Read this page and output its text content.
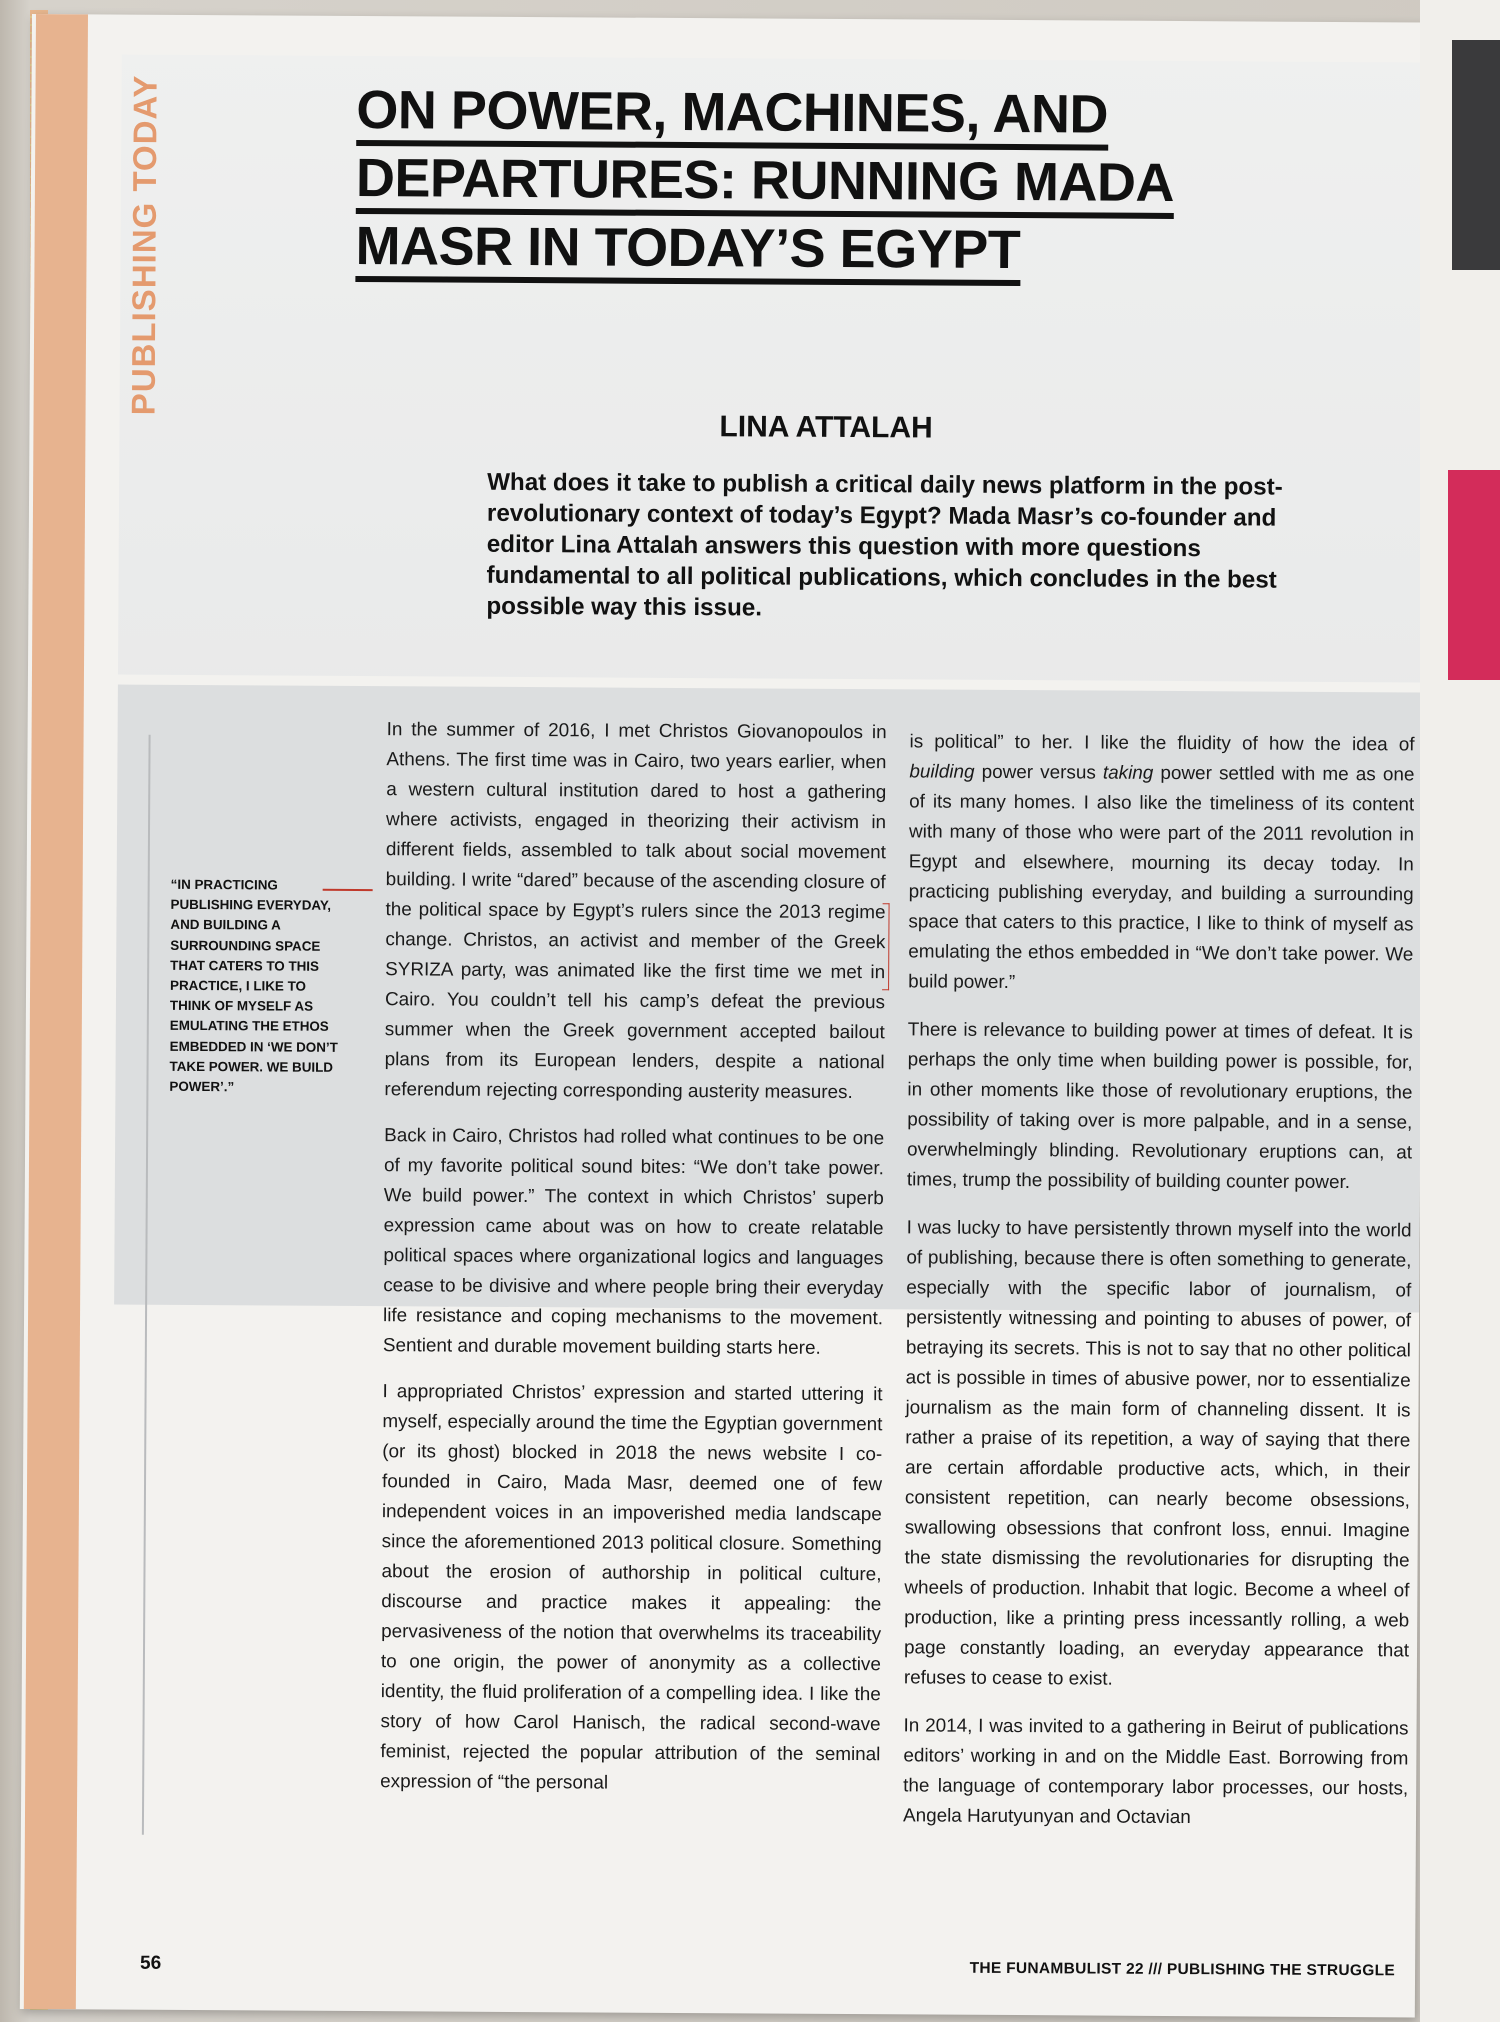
PUBLISHING TODAY	ON POWER, MACHINES, AND
DEPARTURES: RUNNING MADA
MASR IN TODAY’S EGYPT
LINA ATTALAH
What does it take to publish a critical daily news platform in the post-revolutionary context of today’s Egypt? Mada Masr’s co-founder and editor Lina Attalah answers this question with more questions fundamental to all political publications, which concludes in the best possible way this issue.
“IN PRACTICING PUBLISHING EVERYDAY, AND BUILDING A SURROUNDING SPACE THAT CATERS TO THIS PRACTICE, I LIKE TO THINK OF MYSELF AS EMULATING THE ETHOS EMBEDDED IN ‘WE DON’T TAKE POWER. WE BUILD POWER’.”

In the summer of 2016, I met Christos Giovanopoulos in Athens. The first time was in Cairo, two years earlier, when a western cultural institution dared to host a gathering where activists, engaged in theorizing their activism in different fields, assembled to talk about social movement building. I write “dared” because of the ascending closure of the political space by Egypt’s rulers since the 2013 regime change. Christos, an activist and member of the Greek SYRIZA party, was animated like the first time we met in Cairo. You couldn’t tell his camp’s defeat the previous summer when the Greek government accepted bailout plans from its European lenders, despite a national referendum rejecting corresponding austerity measures.

Back in Cairo, Christos had rolled what continues to be one of my favorite political sound bites: “We don’t take power. We build power.” The context in which Christos’ superb expression came about was on how to create relatable political spaces where organizational logics and languages cease to be divisive and where people bring their everyday life resistance and coping mechanisms to the movement. Sentient and durable movement building starts here.

I appropriated Christos’ expression and started uttering it myself, especially around the time the Egyptian government (or its ghost) blocked in 2018 the news website I co-founded in Cairo, Mada Masr, deemed one of few independent voices in an impoverished media landscape since the aforementioned 2013 political closure. Something about the erosion of authorship in political culture, discourse and practice makes it appealing: the pervasiveness of the notion that overwhelms its traceability to one origin, the power of anonymity as a collective identity, the fluid proliferation of a compelling idea. I like the story of how Carol Hanisch, the radical second-wave feminist, rejected the popular attribution of the seminal expression of “the personal

is political” to her. I like the fluidity of how the idea of building power versus taking power settled with me as one of its many homes. I also like the timeliness of its content with many of those who were part of the 2011 revolution in Egypt and elsewhere, mourning its decay today. In practicing publishing everyday, and building a surrounding space that caters to this practice, I like to think of myself as emulating the ethos embedded in “We don’t take power. We build power.”

There is relevance to building power at times of defeat. It is perhaps the only time when building power is possible, for, in other moments like those of revolutionary eruptions, the possibility of taking over is more palpable, and in a sense, overwhelmingly blinding. Revolutionary eruptions can, at times, trump the possibility of building counter power.

I was lucky to have persistently thrown myself into the world of publishing, because there is often something to generate, especially with the specific labor of journalism, of persistently witnessing and pointing to abuses of power, of betraying its secrets. This is not to say that no other political act is possible in times of abusive power, nor to essentialize journalism as the main form of channeling dissent. It is rather a praise of its repetition, a way of saying that there are certain affordable productive acts, which, in their consistent repetition, can nearly become obsessions, swallowing obsessions that confront loss, ennui. Imagine the state dismissing the revolutionaries for disrupting the wheels of production. Inhabit that logic. Become a wheel of production, like a printing press incessantly rolling, a web page constantly loading, an everyday appearance that refuses to cease to exist.

In 2014, I was invited to a gathering in Beirut of publications editors’ working in and on the Middle East. Borrowing from the language of contemporary labor processes, our hosts, Angela Harutyunyan and Octavian

56	THE FUNAMBULIST 22 /// PUBLISHING THE STRUGGLE
